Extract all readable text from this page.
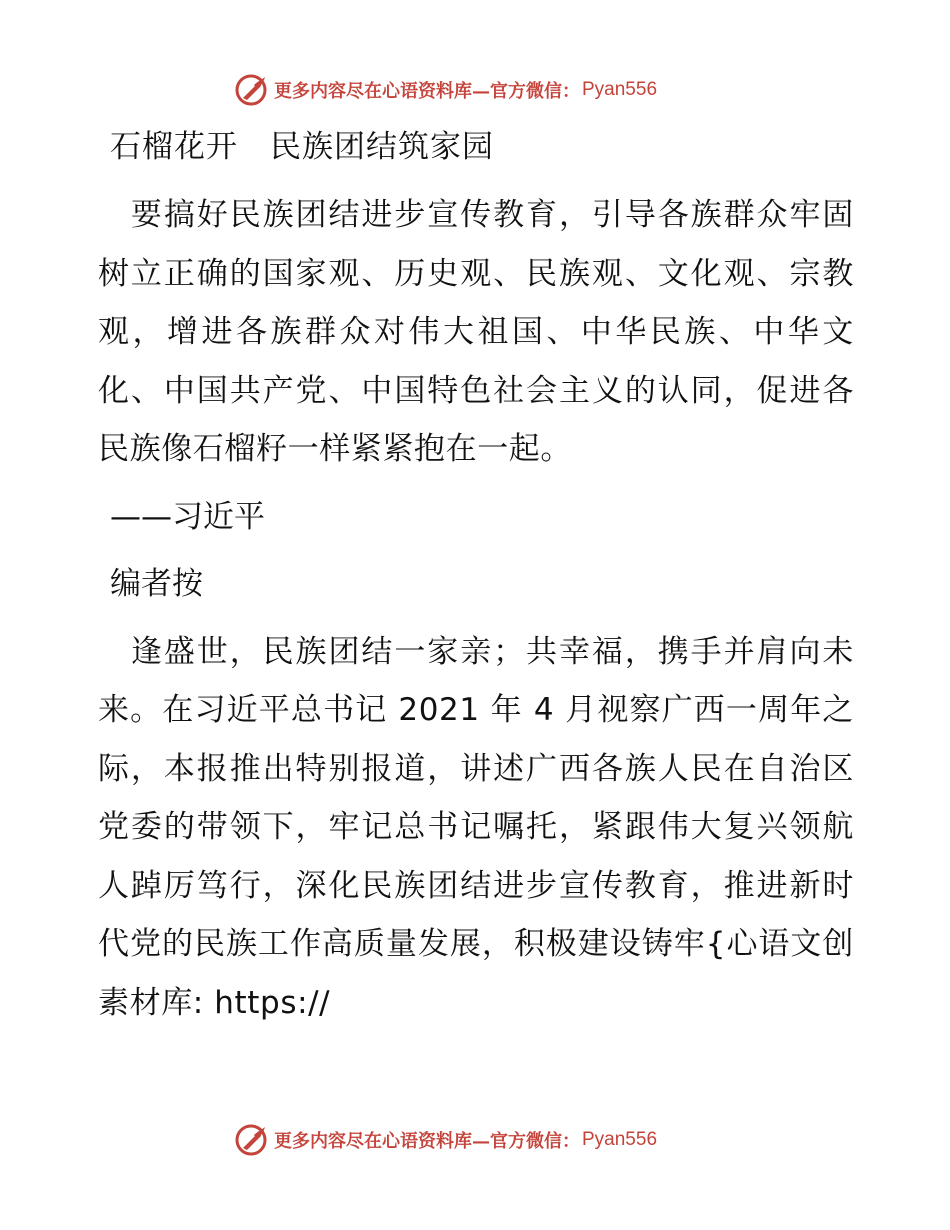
更多内容尽在心语资料库—官方微信： Pyan556

石榴花开　民族团结筑家园

　要搞好民族团结进步宣传教育，引导各族群众牢固树立正确的国家观、历史观、民族观、文化观、宗教观，增进各族群众对伟大祖国、中华民族、中华文化、中国共产党、中国特色社会主义的认同，促进各民族像石榴籽一样紧紧抱在一起。

——习近平

编者按

　逢盛世，民族团结一家亲；共幸福，携手并肩向未来。在习近平总书记 2021 年 4 月视察广西一周年之际，本报推出特别报道，讲述广西各族人民在自治区党委的带领下，牢记总书记嘱托，紧跟伟大复兴领航人踔厉笃行，深化民族团结进步宣传教育，推进新时代党的民族工作高质量发展，积极建设铸牢{心语文创素材库: https://

更多内容尽在心语资料库—官方微信： Pyan556
